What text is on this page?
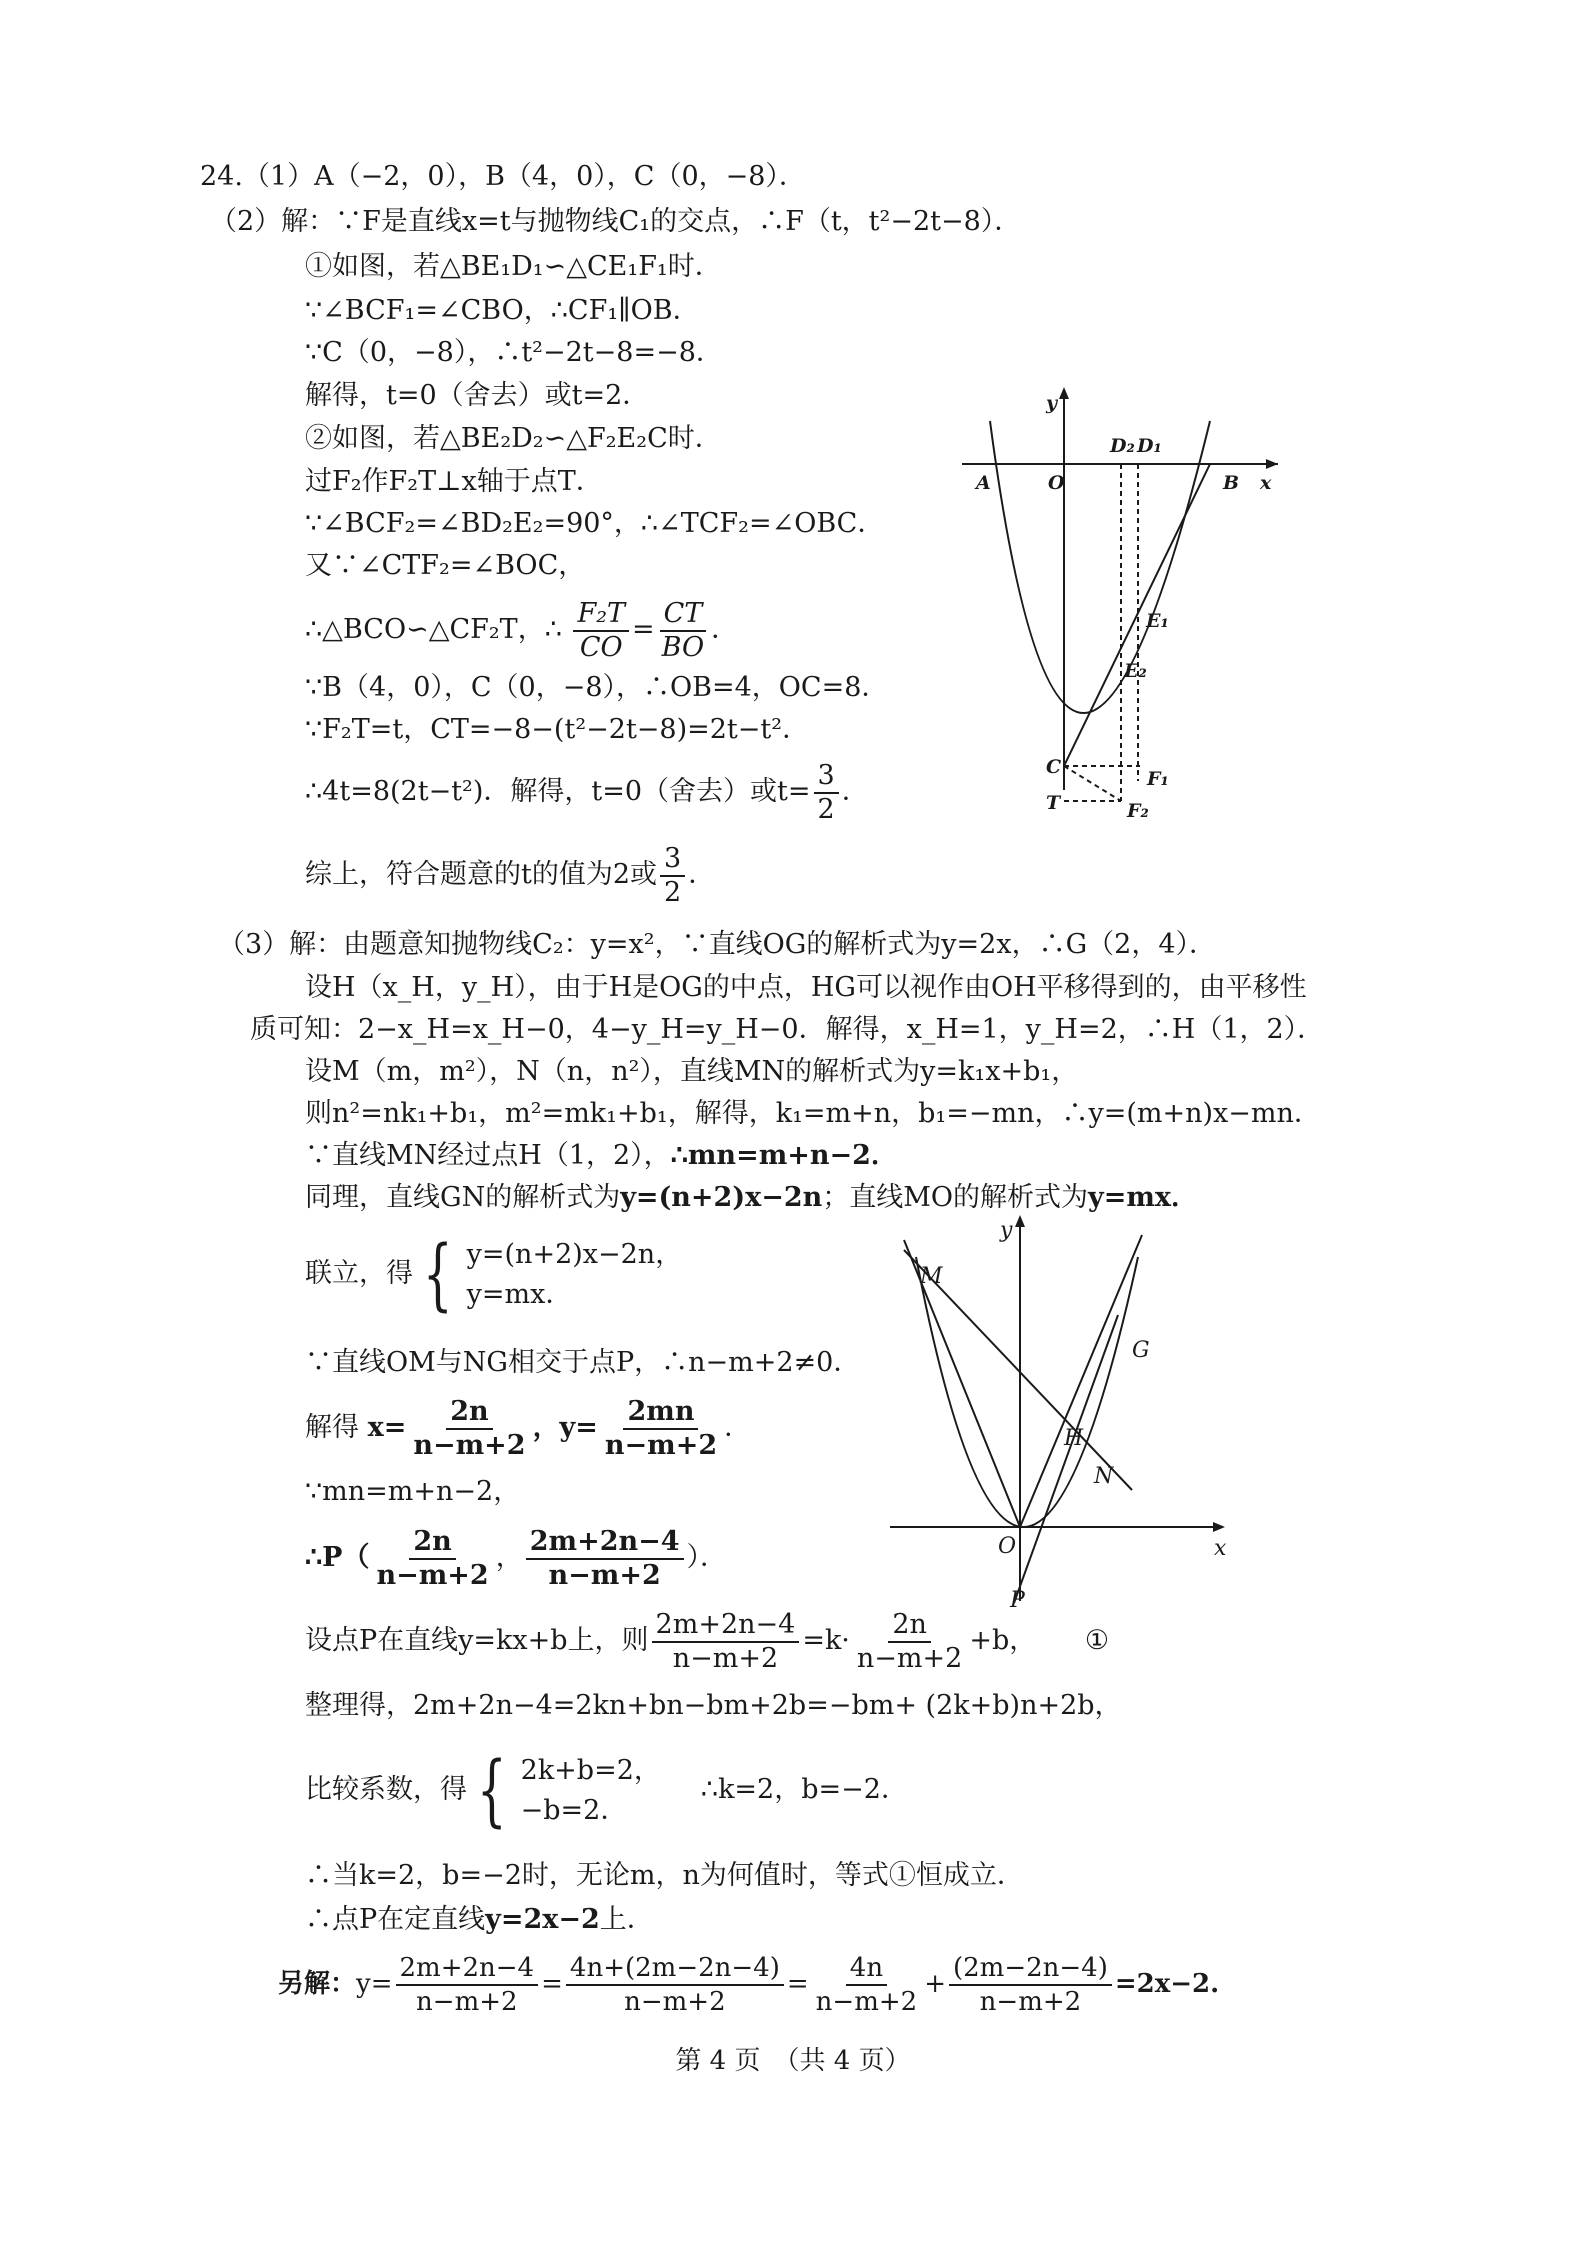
24.（1）A（−2，0），B（4，0），C（0，−8）．
（2）解：∵F是直线x=t与抛物线C₁的交点，∴F（t，t²−2t−8）．
①如图，若△BE₁D₁∽△CE₁F₁时．
∵∠BCF₁=∠CBO，∴CF₁∥OB．
∵C（0，−8），∴t²−2t−8=−8．
解得，t=0（舍去）或t=2．
②如图，若△BE₂D₂∽△F₂E₂C时．
过F₂作F₂T⊥x轴于点T．
∵∠BCF₂=∠BD₂E₂=90°，∴∠TCF₂=∠OBC．
又∵∠CTF₂=∠BOC，
∴△BCO∽△CF₂T，∴ $\frac{\text{F₂T}}{CO} = \frac{CT}{BO}$ ．
∵B（4，0），C（0，−8），∴OB=4，OC=8．
∵F₂T=t，CT=−8−(t²−2t−8)=2t−t²．
∴4t=8(2t−t²)．解得，t=0（舍去）或$t= \frac{3}{2}$ ．
综上，符合题意的t的值为2或 $\frac{3}{2}$ ．
y
x
A	O	B
D₂ D₁
E₁
E₂
C
T
F₁
F₂
（3）解：由题意知抛物线C₂：y=x²，∵直线OG的解析式为y=2x，∴G（2，4）．
设H（x_H，y_H），由于H是OG的中点，HG可以视作由OH平移得到的，由平移性
质可知：2−x_H=x_H−0，4−y_H=y_H−0．解得，x_H=1，y_H=2，∴H（1，2）．
设M（m，m²），N（n，n²），直线MN的解析式为y=k₁x+b₁，
则n²=nk₁+b₁，m²=mk₁+b₁，解得，k₁=m+n，b₁=−mn，∴y=(m+n)x−mn．
∵直线MN经过点H（1，2），∴mn=m+n−2．
同理，直线GN的解析式为y=(n+2)x−2n；直线MO的解析式为y=mx．
联立，得 { y=(n+2)x−2n，
y=mx．
∵直线OM与NG相交于点P，∴n−m+2≠0．
解得 $x= \frac{2n}{n-m+2}$ ，$y= \frac{2mn}{n-m+2}$ ．
∵mn=m+n−2，
∴P（ $\frac{2n}{n-m+2}$ ， $\frac{2m+2n-4}{n-m+2}$ ）．
设点P在直线y=kx+b上，则 $\frac{2m+2n-4}{n-m+2} =k\cdot \frac{2n}{n-m+2} +b$， ①
整理得，2m+2n−4=2kn+bn−bm+2b=−bm+ (2k+b)n+2b，
比较系数，得 { 2k+b=2，
−b=2．
∴k=2，b=−2．
∴当k=2，b=−2时，无论m，n为何值时，等式①恒成立．
∴点P在定直线y=2x−2上．
另解：$y= \frac{2m+2n-4}{n-m+2} = \frac{4n+(2m-2n-4)}{n-m+2} = \frac{4n}{n-m+2} + \frac{(2m-2n-4)}{n-m+2} =2x-2$.
y
x
O
M
G
H
N
P
第 4 页　（共 4 页）
